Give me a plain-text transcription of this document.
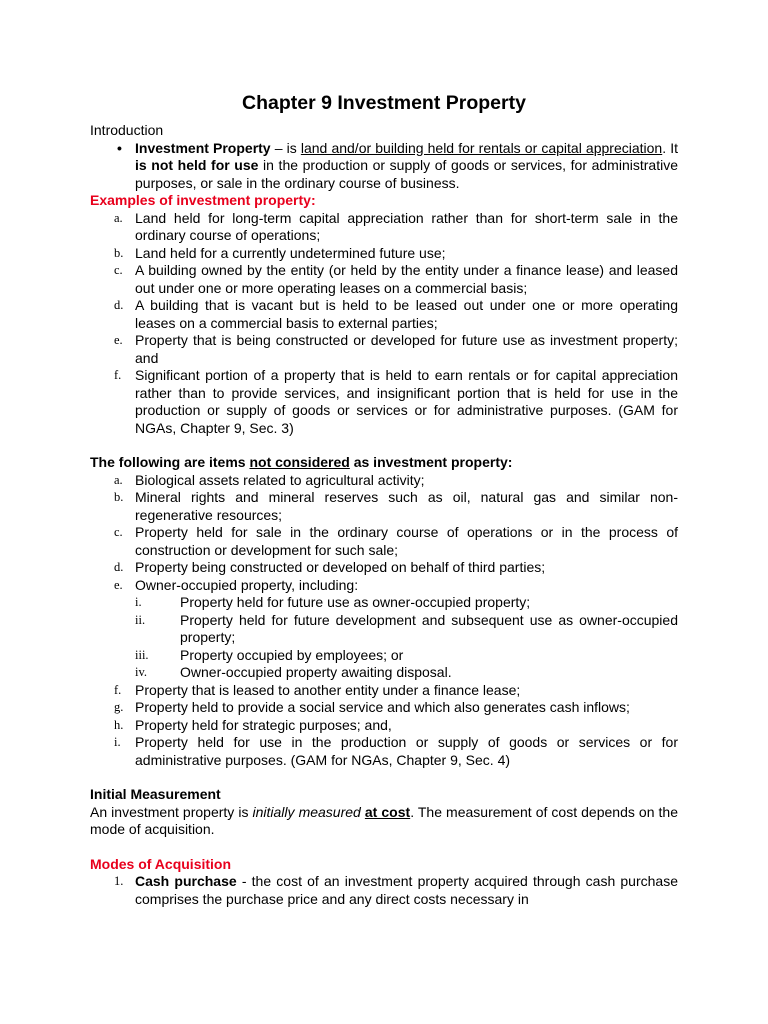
Chapter 9 Investment Property

Introduction

• Investment Property – is land and/or building held for rentals or capital appreciation. It is not held for use in the production or supply of goods or services, for administrative purposes, or sale in the ordinary course of business.

Examples of investment property:

a. Land held for long-term capital appreciation rather than for short-term sale in the ordinary course of operations;
b. Land held for a currently undetermined future use;
c. A building owned by the entity (or held by the entity under a finance lease) and leased out under one or more operating leases on a commercial basis;
d. A building that is vacant but is held to be leased out under one or more operating leases on a commercial basis to external parties;
e. Property that is being constructed or developed for future use as investment property; and
f. Significant portion of a property that is held to earn rentals or for capital appreciation rather than to provide services, and insignificant portion that is held for use in the production or supply of goods or services or for administrative purposes. (GAM for NGAs, Chapter 9, Sec. 3)

The following are items not considered as investment property:

a. Biological assets related to agricultural activity;
b. Mineral rights and mineral reserves such as oil, natural gas and similar non-regenerative resources;
c. Property held for sale in the ordinary course of operations or in the process of construction or development for such sale;
d. Property being constructed or developed on behalf of third parties;
e. Owner-occupied property, including:
i.	Property held for future use as owner-occupied property;
ii. Property held for future development and subsequent use as owner-occupied property;
iii. Property occupied by employees; or
iv. Owner-occupied property awaiting disposal.
f. Property that is leased to another entity under a finance lease;
g. Property held to provide a social service and which also generates cash inflows;
h. Property held for strategic purposes; and,
i. Property held for use in the production or supply of goods or services or for administrative purposes. (GAM for NGAs, Chapter 9, Sec. 4)

Initial Measurement

An investment property is initially measured at cost. The measurement of cost depends on the mode of acquisition.

Modes of Acquisition

1. Cash purchase - the cost of an investment property acquired through cash purchase comprises the purchase price and any direct costs necessary in
